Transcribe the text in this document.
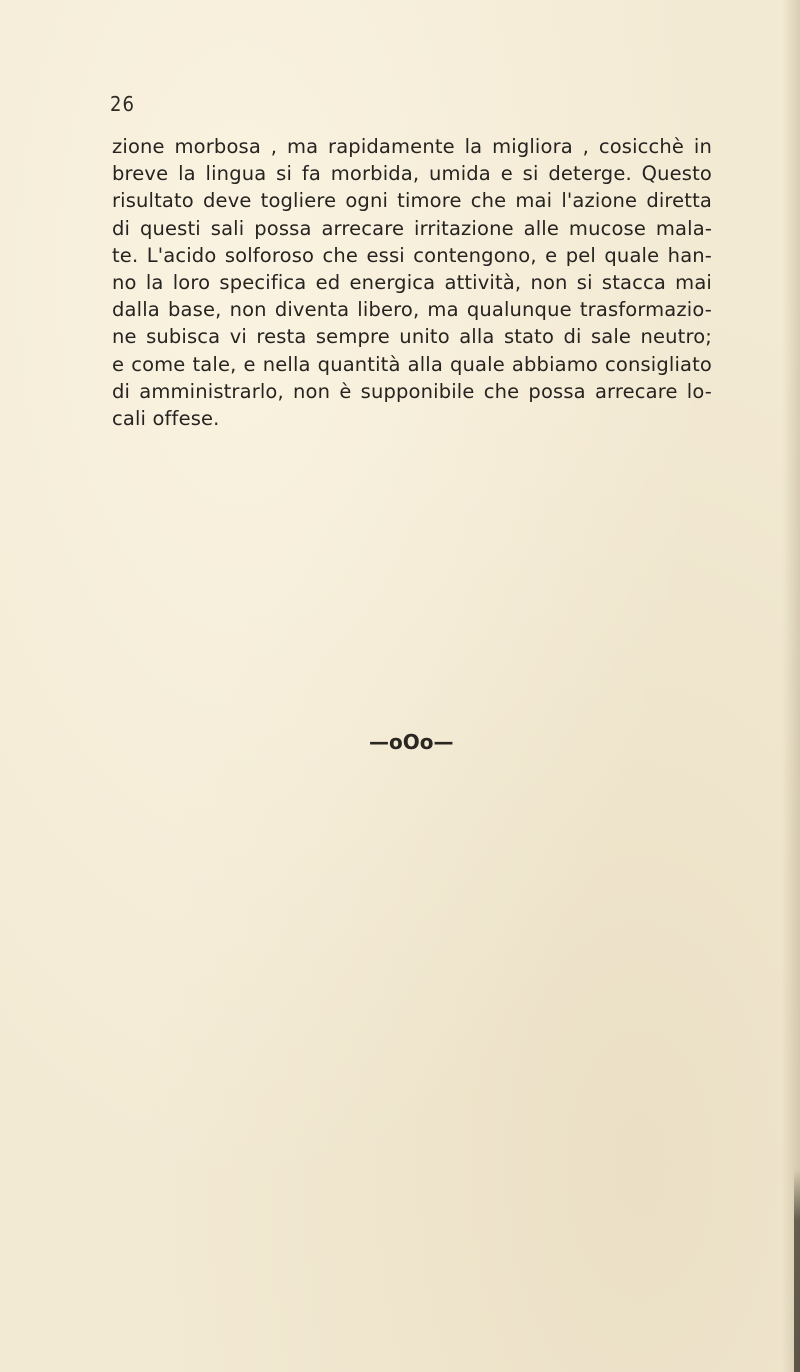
26
zione morbosa , ma rapidamente la migliora , cosicchè in
breve la lingua si fa morbida, umida e si deterge. Questo
risultato deve togliere ogni timore che mai l'azione diretta
di questi sali possa arrecare irritazione alle mucose mala-
te. L'acido solforoso che essi contengono, e pel quale han-
no la loro specifica ed energica attività, non si stacca mai
dalla base, non diventa libero, ma qualunque trasformazio-
ne subisca vi resta sempre unito alla stato di sale neutro;
e come tale, e nella quantità alla quale abbiamo consigliato
di amministrarlo, non è supponibile che possa arrecare lo-
cali offese.
—oOo—
